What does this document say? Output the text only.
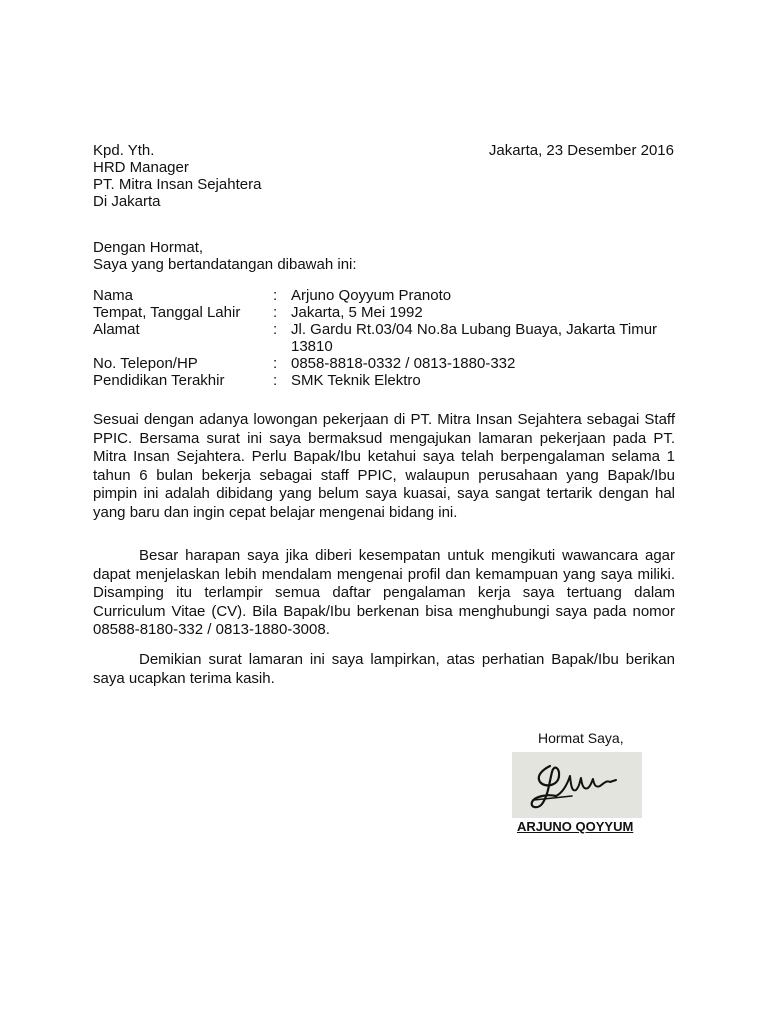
Kpd. Yth.
HRD Manager
PT. Mitra Insan Sejahtera
Di Jakarta
Jakarta, 23 Desember 2016
Dengan Hormat,
Saya yang bertandatangan dibawah ini:
Nama	:	Arjuno Qoyyum Pranoto
Tempat, Tanggal Lahir	:	Jakarta, 5 Mei 1992
Alamat	:	Jl. Gardu Rt.03/04 No.8a Lubang Buaya, Jakarta Timur 13810
No. Telepon/HP	:	0858-8818-0332 / 0813-1880-332
Pendidikan Terakhir	:	SMK Teknik Elektro

Sesuai dengan adanya lowongan pekerjaan di PT. Mitra Insan Sejahtera sebagai Staff PPIC. Bersama surat ini saya bermaksud mengajukan lamaran pekerjaan pada PT. Mitra Insan Sejahtera. Perlu Bapak/Ibu ketahui saya telah berpengalaman selama 1 tahun 6 bulan bekerja sebagai staff PPIC, walaupun perusahaan yang Bapak/Ibu pimpin ini adalah dibidang yang belum saya kuasai, saya sangat tertarik dengan hal yang baru dan ingin cepat belajar mengenai bidang ini.

Besar harapan saya jika diberi kesempatan untuk mengikuti wawancara agar dapat menjelaskan lebih mendalam mengenai profil dan kemampuan yang saya miliki. Disamping itu terlampir semua daftar pengalaman kerja saya tertuang dalam Curriculum Vitae (CV). Bila Bapak/Ibu berkenan bisa menghubungi saya pada nomor 08588-8180-332 / 0813-1880-3008.

Demikian surat lamaran ini saya lampirkan, atas perhatian Bapak/Ibu berikan saya ucapkan terima kasih.

Hormat Saya,
ARJUNO QOYYUM
